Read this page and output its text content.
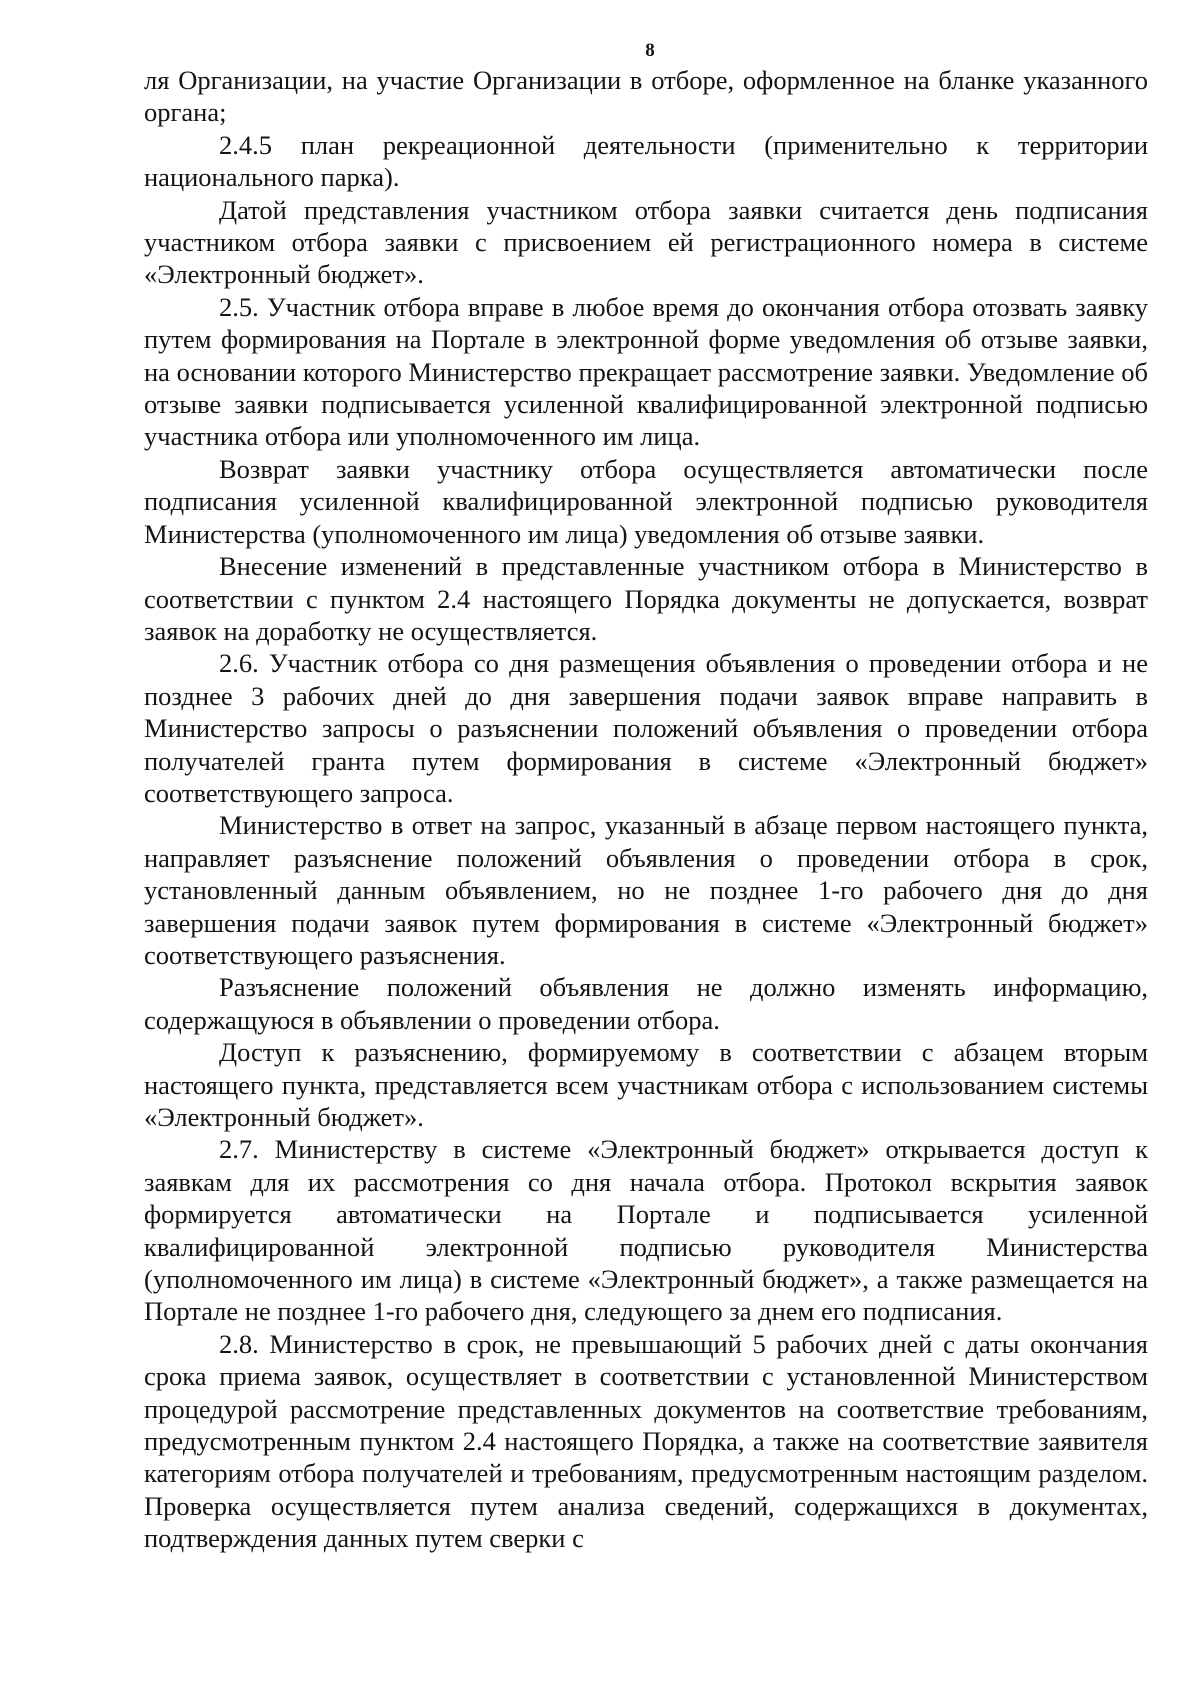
8

ля Организации, на участие Организации в отборе, оформленное на бланке указанного органа;

2.4.5 план рекреационной деятельности (применительно к территории национального парка).

Датой представления участником отбора заявки считается день подписания участником отбора заявки с присвоением ей регистрационного номера в системе «Электронный бюджет».

2.5. Участник отбора вправе в любое время до окончания отбора отозвать заявку путем формирования на Портале в электронной форме уведомления об отзыве заявки, на основании которого Министерство прекращает рассмотрение заявки. Уведомление об отзыве заявки подписывается усиленной квалифицированной электронной подписью участника отбора или уполномоченного им лица.

Возврат заявки участнику отбора осуществляется автоматически после подписания усиленной квалифицированной электронной подписью руководителя Министерства (уполномоченного им лица) уведомления об отзыве заявки.

Внесение изменений в представленные участником отбора в Министерство в соответствии с пунктом 2.4 настоящего Порядка документы не допускается, возврат заявок на доработку не осуществляется.

2.6. Участник отбора со дня размещения объявления о проведении отбора и не позднее 3 рабочих дней до дня завершения подачи заявок вправе направить в Министерство запросы о разъяснении положений объявления о проведении отбора получателей гранта путем формирования в системе «Электронный бюджет» соответствующего запроса.

Министерство в ответ на запрос, указанный в абзаце первом настоящего пункта, направляет разъяснение положений объявления о проведении отбора в срок, установленный данным объявлением, но не позднее 1-го рабочего дня до дня завершения подачи заявок путем формирования в системе «Электронный бюджет» соответствующего разъяснения.

Разъяснение положений объявления не должно изменять информацию, содержащуюся в объявлении о проведении отбора.

Доступ к разъяснению, формируемому в соответствии с абзацем вторым настоящего пункта, представляется всем участникам отбора с использованием системы «Электронный бюджет».

2.7. Министерству в системе «Электронный бюджет» открывается доступ к заявкам для их рассмотрения со дня начала отбора. Протокол вскрытия заявок формируется автоматически на Портале и подписывается усиленной квалифицированной электронной подписью руководителя Министерства (уполномоченного им лица) в системе «Электронный бюджет», а также размещается на Портале не позднее 1-го рабочего дня, следующего за днем его подписания.

2.8. Министерство в срок, не превышающий 5 рабочих дней с даты окончания срока приема заявок, осуществляет в соответствии с установленной Министерством процедурой рассмотрение представленных документов на соответствие требованиям, предусмотренным пунктом 2.4 настоящего Порядка, а также на соответствие заявителя категориям отбора получателей и требованиям, предусмотренным настоящим разделом. Проверка осуществляется путем анализа сведений, содержащихся в документах, подтверждения данных путем сверки с
